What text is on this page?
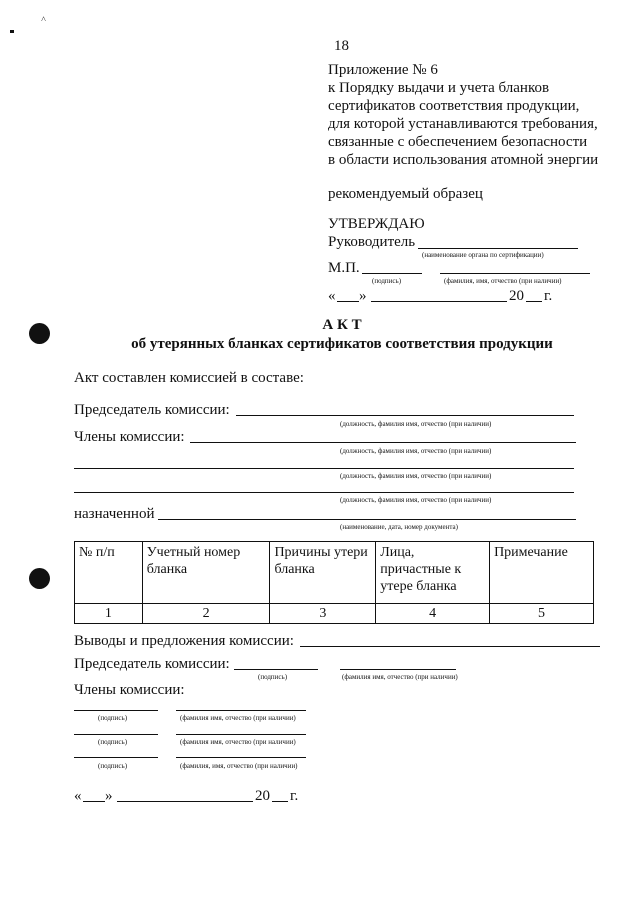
˄
18
Приложение № 6
к Порядку выдачи и учета бланков
сертификатов соответствия продукции,
для которой устанавливаются требования,
связанные с обеспечением безопасности
в области использования атомной энергии
рекомендуемый образец
УТВЕРЖДАЮ
Руководитель
(наименование органа по сертификации)
М.П.
(подпись)	(фамилия, имя, отчество (при наличии)
« »	20 г.
А К Т
об утерянных бланках сертификатов соответствия продукции
Акт составлен комиссией в составе:
Председатель комиссии:
(должность, фамилия имя, отчество (при наличии)
Члены комиссии:
(должность, фамилия имя, отчество (при наличии)
(должность, фамилия имя, отчество (при наличии)
(должность, фамилия имя, отчество (при наличии)
назначенной
(наименование, дата, номер документа)
№ п/п	Учетный номер бланка	Причины утери бланка	Лица, причастные к утере бланка	Примечание
1	2	3	4	5
Выводы и предложения комиссии:
Председатель комиссии:
(подпись)	(фамилия имя, отчество (при наличии)
Члены комиссии:
(подпись)	(фамилия имя, отчество (при наличии)
(подпись)	(фамилия имя, отчество (при наличии)
(подпись)	(фамилия, имя, отчество (при наличии)
« »	20 г.
